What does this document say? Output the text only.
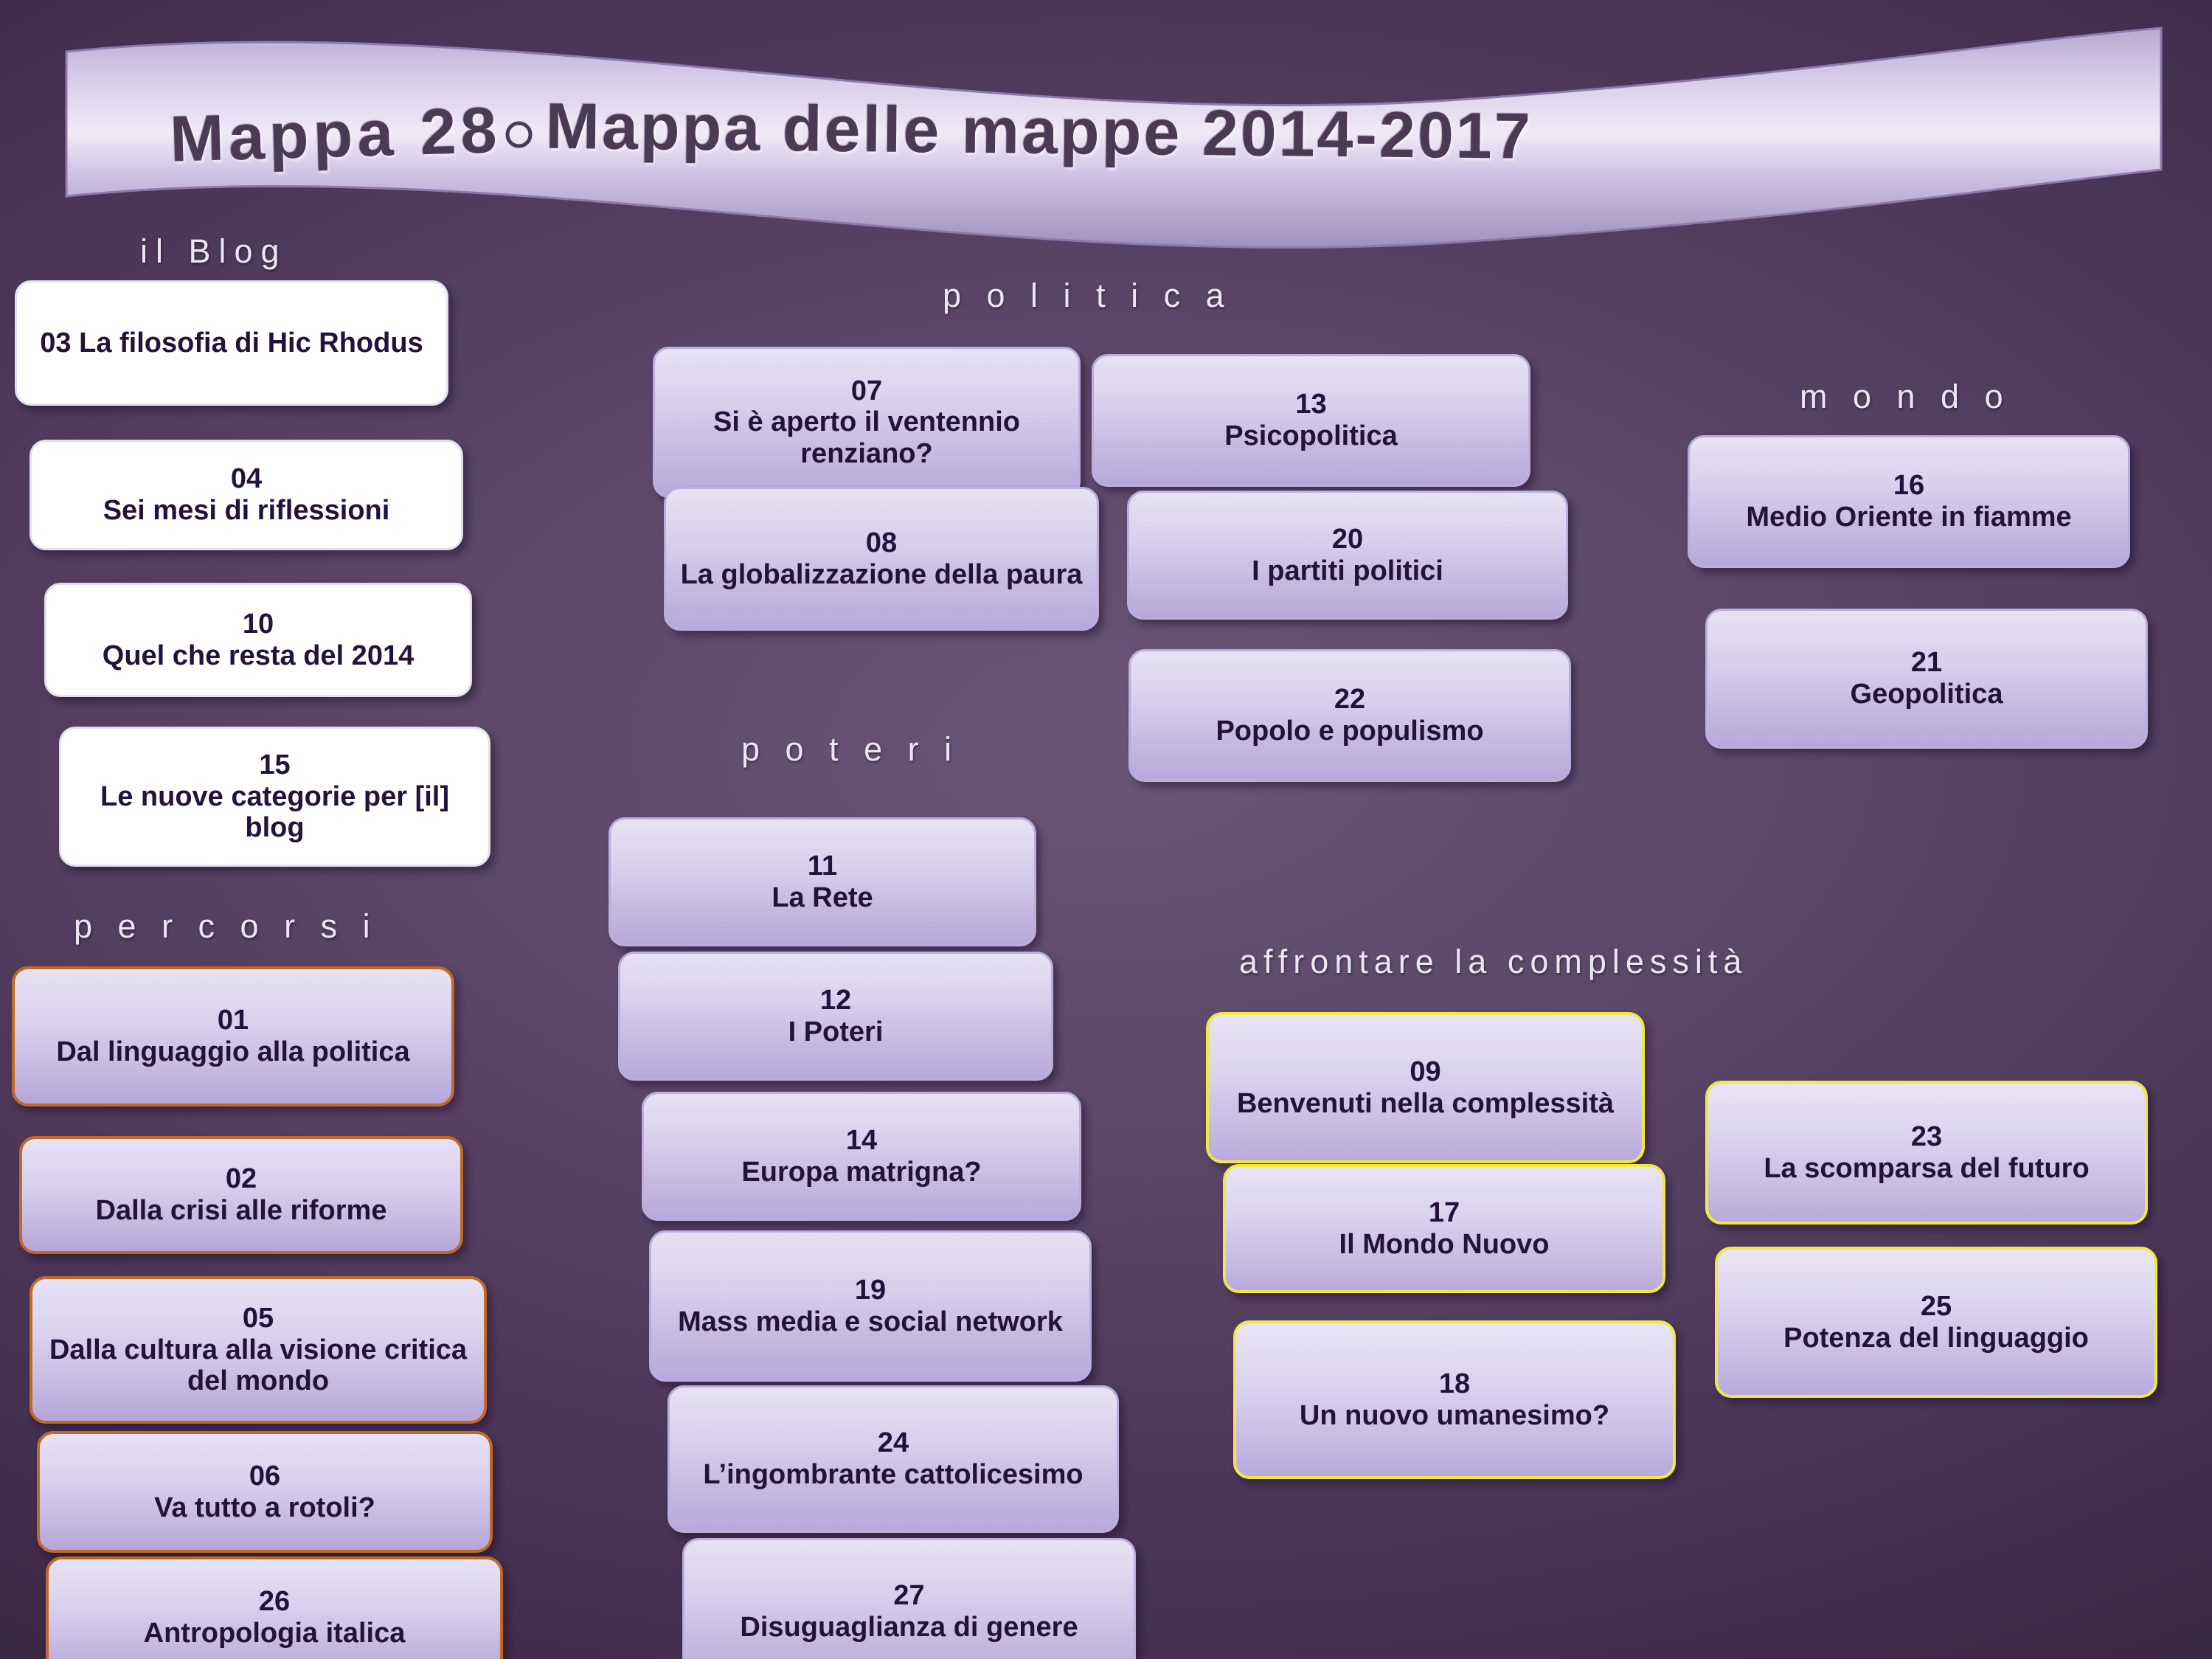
Mappa 28 Mappa delle mappe 2014-2017
il Blog
p e r c o r s i
p o l i t i c a
p o t e r i
m o n d o
affrontare la complessità
03 La filosofia di Hic Rhodus
04
Sei mesi di riflessioni
10
Quel che resta del 2014
15
Le nuove categorie per [il] blog
01
Dal linguaggio alla politica
02
Dalla crisi alle riforme
05
Dalla cultura alla visione critica del mondo
06
Va tutto a rotoli?
26
Antropologia italica
07
Si è aperto il ventennio renziano?
08
La globalizzazione della paura
13
Psicopolitica
20
I partiti politici
22
Popolo e populismo
11
La Rete
12
I Poteri
14
Europa matrigna?
19
Mass media e social network
24
L’ingombrante cattolicesimo
27
Disuguaglianza di genere
16
Medio Oriente in fiamme
21
Geopolitica
09
Benvenuti nella complessità
17
Il Mondo Nuovo
18
Un nuovo umanesimo?
23
La scomparsa del futuro
25
Potenza del linguaggio
